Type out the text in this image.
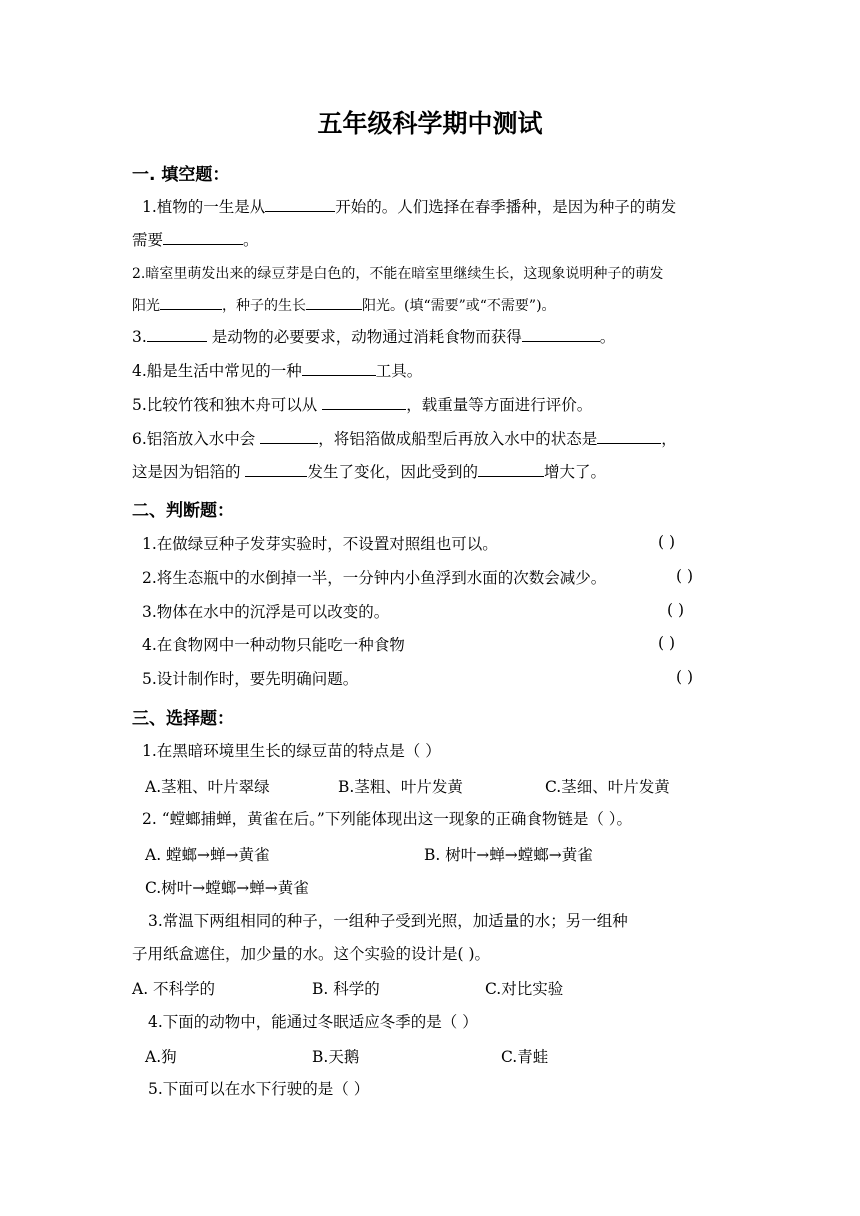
五年级科学期中测试
一. 填空题：
1.植物的一生是从	开始的。人们选择在春季播种，是因为种子的萌发
需要	。
2.暗室里萌发出来的绿豆芽是白色的，不能在暗室里继续生长，这现象说明种子的萌发
阳光	，种子的生长	阳光。(填“需要”或“不需要”)。
3.	是动物的必要要求，动物通过消耗食物而获得	。
4.船是生活中常见的一种	工具。
5.比较竹筏和独木舟可以从	，载重量等方面进行评价。
6.铝箔放入水中会	，将铝箔做成船型后再放入水中的状态是	，
这是因为铝箔的	发生了变化，因此受到的	增大了。
二、判断题：
1.在做绿豆种子发芽实验时，不设置对照组也可以。	( )
2.将生态瓶中的水倒掉一半，一分钟内小鱼浮到水面的次数会减少。	( )
3.物体在水中的沉浮是可以改变的。	( )
4.在食物网中一种动物只能吃一种食物	( )
5.设计制作时，要先明确问题。	( )
三、选择题：
1.在黑暗环境里生长的绿豆苗的特点是（ ）
A.茎粗、叶片翠绿	B.茎粗、叶片发黄	C.茎细、叶片发黄
2. “螳螂捕蝉，黄雀在后。”下列能体现出这一现象的正确食物链是（ ）。
A. 螳螂→蝉→黄雀	B. 树叶→蝉→螳螂→黄雀
C.树叶→螳螂→蝉→黄雀
3.常温下两组相同的种子，一组种子受到光照，加适量的水；另一组种
子用纸盒遮住，加少量的水。这个实验的设计是( )。
A. 不科学的	B. 科学的	C.对比实验
4.下面的动物中，能通过冬眠适应冬季的是（ ）
A.狗	B.天鹅	C.青蛙
5.下面可以在水下行驶的是（ ）
